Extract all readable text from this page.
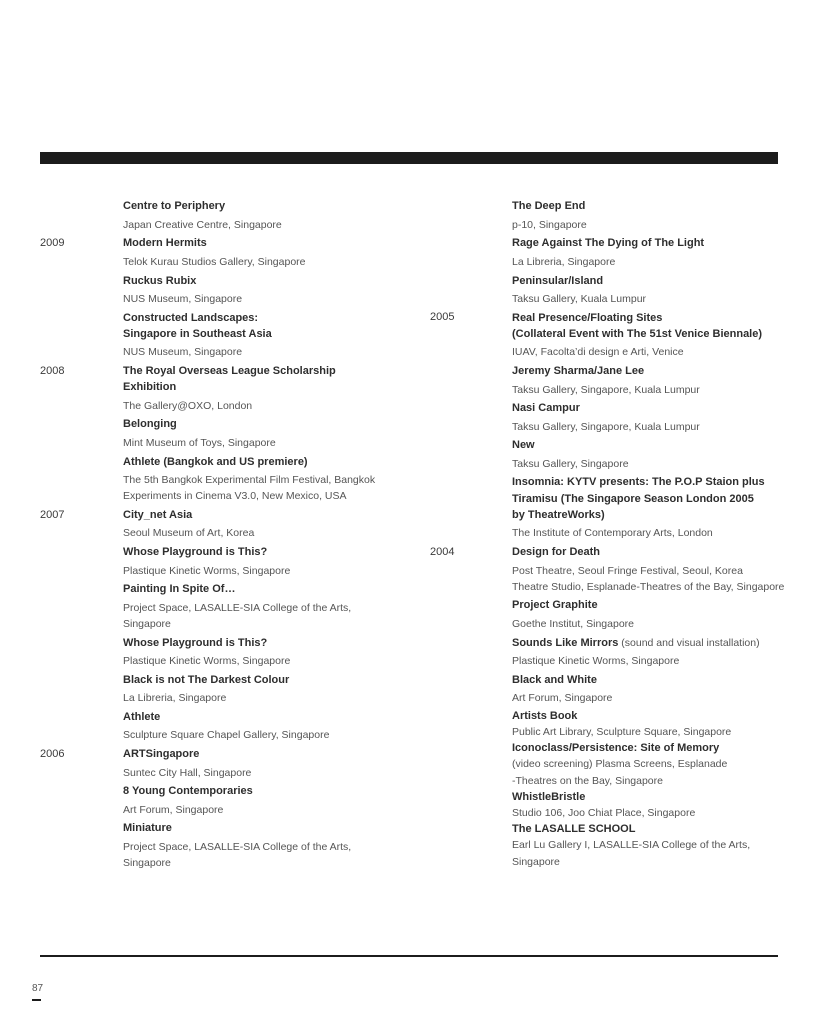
Centre to Periphery
Japan Creative Centre, Singapore
2009	Modern Hermits
Telok Kurau Studios Gallery, Singapore
Ruckus Rubix
NUS Museum, Singapore
Constructed Landscapes:
Singapore in Southeast Asia
NUS Museum, Singapore
2008	The Royal Overseas League Scholarship
Exhibition
The Gallery@OXO, London
Belonging
Mint Museum of Toys, Singapore
Athlete (Bangkok and US premiere)
The 5th Bangkok Experimental Film Festival, Bangkok
Experiments in Cinema V3.0, New Mexico, USA
2007	City_net Asia
Seoul Museum of Art, Korea
Whose Playground is This?
Plastique Kinetic Worms, Singapore
Painting In Spite Of…
Project Space, LASALLE-SIA College of the Arts,
Singapore
Whose Playground is This?
Plastique Kinetic Worms, Singapore
Black is not The Darkest Colour
La Libreria, Singapore
Athlete
Sculpture Square Chapel Gallery, Singapore
2006	ARTSingapore
Suntec City Hall, Singapore
8 Young Contemporaries
Art Forum, Singapore
Miniature
Project Space, LASALLE-SIA College of the Arts,
Singapore
The Deep End
p-10, Singapore
Rage Against The Dying of The Light
La Libreria, Singapore
Peninsular/Island
Taksu Gallery, Kuala Lumpur
2005	Real Presence/Floating Sites
(Collateral Event with The 51st Venice Biennale)
IUAV, Facolta’di design e Arti, Venice
Jeremy Sharma/Jane Lee
Taksu Gallery, Singapore, Kuala Lumpur
Nasi Campur
Taksu Gallery, Singapore, Kuala Lumpur
New
Taksu Gallery, Singapore
Insomnia: KYTV presents: The P.O.P Staion plus
Tiramisu (The Singapore Season London 2005
by TheatreWorks)
The Institute of Contemporary Arts, London
2004	Design for Death
Post Theatre, Seoul Fringe Festival, Seoul, Korea
Theatre Studio, Esplanade-Theatres of the Bay, Singapore
Project Graphite
Goethe Institut, Singapore
Sounds Like Mirrors (sound and visual installation)
Plastique Kinetic Worms, Singapore
Black and White
Art Forum, Singapore
Artists Book
Public Art Library, Sculpture Square, Singapore
Iconoclass/Persistence: Site of Memory
(video screening) Plasma Screens, Esplanade
-Theatres on the Bay, Singapore
WhistleBristle
Studio 106, Joo Chiat Place, Singapore
The LASALLE SCHOOL
Earl Lu Gallery I, LASALLE-SIA College of the Arts,
Singapore
87
